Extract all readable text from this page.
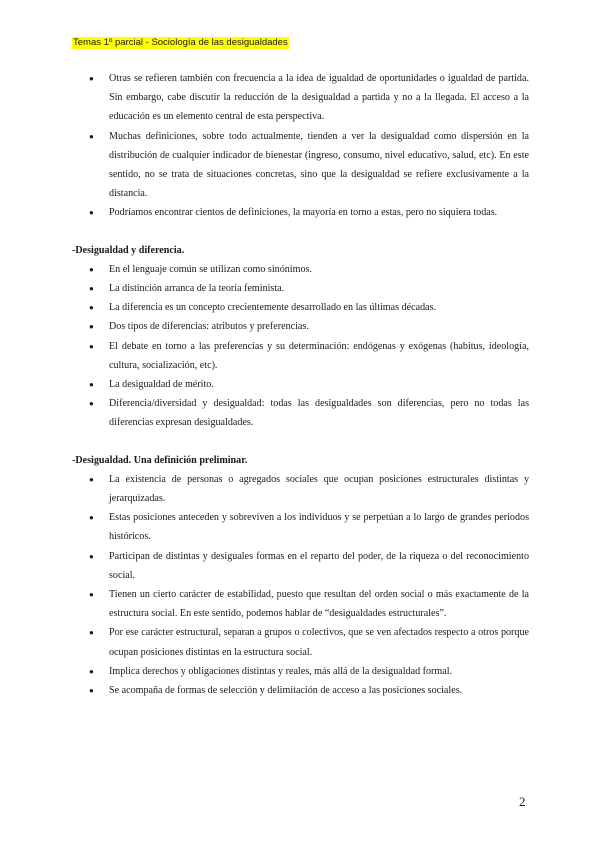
Temas 1º parcial - Sociología de las desigualdades
● Otras se refieren también con frecuencia a la idea de igualdad de oportunidades o igualdad de partida. Sin embargo, cabe discutir la reducción de la desigualdad a partida y no a la llegada. El acceso a la educación es un elemento central de esta perspectiva.
● Muchas definiciones, sobre todo actualmente, tienden a ver la desigualdad como dispersión en la distribución de cualquier indicador de bienestar (ingreso, consumo, nivel educativo, salud, etc). En este sentido, no se trata de situaciones concretas, sino que la desigualdad se refiere exclusivamente a la distancia.
● Podríamos encontrar cientos de definiciones, la mayoría en torno a estas, pero no siquiera todas.
-Desigualdad y diferencia.
● En el lenguaje común se utilizan como sinónimos.
● La distinción arranca de la teoría feminista.
● La diferencia es un concepto crecientemente desarrollado en las últimas décadas.
● Dos tipos de diferencias: atributos y preferencias.
● El debate en torno a las preferencias y su determinación: endógenas y exógenas (habitus, ideología, cultura, socialización, etc).
● La desigualdad de mérito.
● Diferencia/diversidad y desigualdad: todas las desigualdades son diferencias, pero no todas las diferencias expresan desigualdades.
-Desigualdad. Una definición preliminar.
● La existencia de personas o agregados sociales que ocupan posiciones estructurales distintas y jerarquizadas.
● Estas posiciones anteceden y sobreviven a los individuos y se perpetúan a lo largo de grandes periodos históricos.
● Participan de distintas y desiguales formas en el reparto del poder, de la riqueza o del reconocimiento social.
● Tienen un cierto carácter de estabilidad, puesto que resultan del orden social o más exactamente de la estructura social. En este sentido, podemos hablar de “desigualdades estructurales”.
● Por ese carácter estructural, separan a grupos o colectivos, que se ven afectados respecto a otros porque ocupan posiciones distintas en la estructura social.
● Implica derechos y obligaciones distintas y reales, más allá de la desigualdad formal.
● Se acompaña de formas de selección y delimitación de acceso a las posiciones sociales.
2
